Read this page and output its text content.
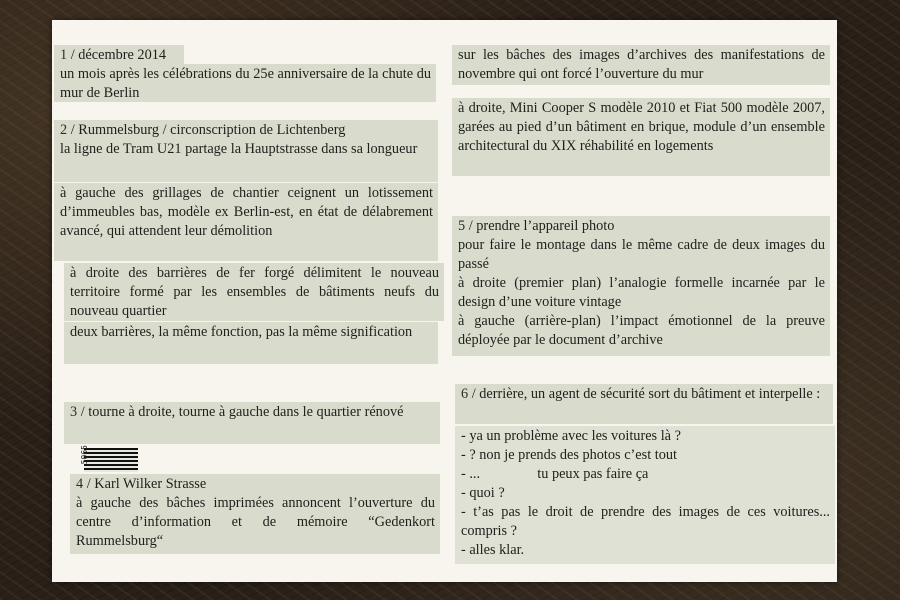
1 / décembre 2014
un mois après les célébrations du 25e anniversaire de la chute du mur de Berlin
sur les bâches des images d’archives des manifestations de novembre qui ont forcé l’ouverture du mur
à droite, Mini Cooper S modèle 2010 et Fiat 500 modèle 2007, garées au pied d’un bâtiment en brique, module d’un ensemble architectural du XIX réhabilité en logements
2 / Rummelsburg / circonscription de Lichtenberg
la ligne de Tram U21 partage la Hauptstrasse dans sa longueur
à gauche des grillages de chantier ceignent un lotissement d’immeubles bas, modèle ex Berlin-est, en état de délabrement avancé, qui attendent leur démolition
à droite des barrières de fer forgé délimitent le nouveau territoire formé par les ensembles de bâtiments neufs du nouveau quartier
deux barrières, la même fonction, pas la même signification
3 / tourne à droite, tourne à gauche dans le quartier rénové
5065
4 / Karl Wilker Strasse
à gauche des bâches imprimées annoncent l’ouverture du centre d’information et de mémoire “Gedenkort Rummelsburg“
5 / prendre l’appareil photo
pour faire le montage dans le même cadre de deux images du passé
à droite (premier plan) l’analogie formelle incarnée par le design d’une voiture vintage
à gauche (arrière-plan) l’impact émotionnel de la preuve déployée par le document d’archive
6 / derrière, un agent de sécurité sort du bâtiment et interpelle :
- ya un problème avec les voitures là ?
- ? non je prends des photos c’est tout
- ...                tu peux pas faire ça
- quoi ?
- t’as pas le droit de prendre des images de ces voitures... compris ?
- alles klar.
